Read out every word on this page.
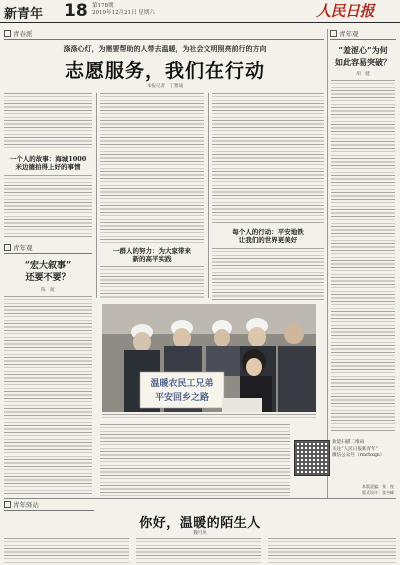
新青年 18 第178期
2019年12月21日 星期六	人民日报
青春派
涤涤心灯，为需要帮助的人带去温暖，为社会文明照亮前行的方向
志愿服务，我们在行动
本报记者　丁雅诵
一个人的故事：海城1000
米边德拍得上好的事情
一群人的努力：为大家带来
新的高平实践
每个人的行动：平安地铁
让我们的世界更美好
青年观
“宏大叙事”
还要不要？
陈　航
青年观
“羞涩心”为何
如此容易突破？
胡　健
温暖农民工兄弟
平安回乡之路
欢迎扫描二维码
关注“人民日报新青年”
微信公众号（rmrbxqn）
本版责编：张　悦
版式设计：张丹峰
青年驿站
你好，温暖的陌生人
魏可风
